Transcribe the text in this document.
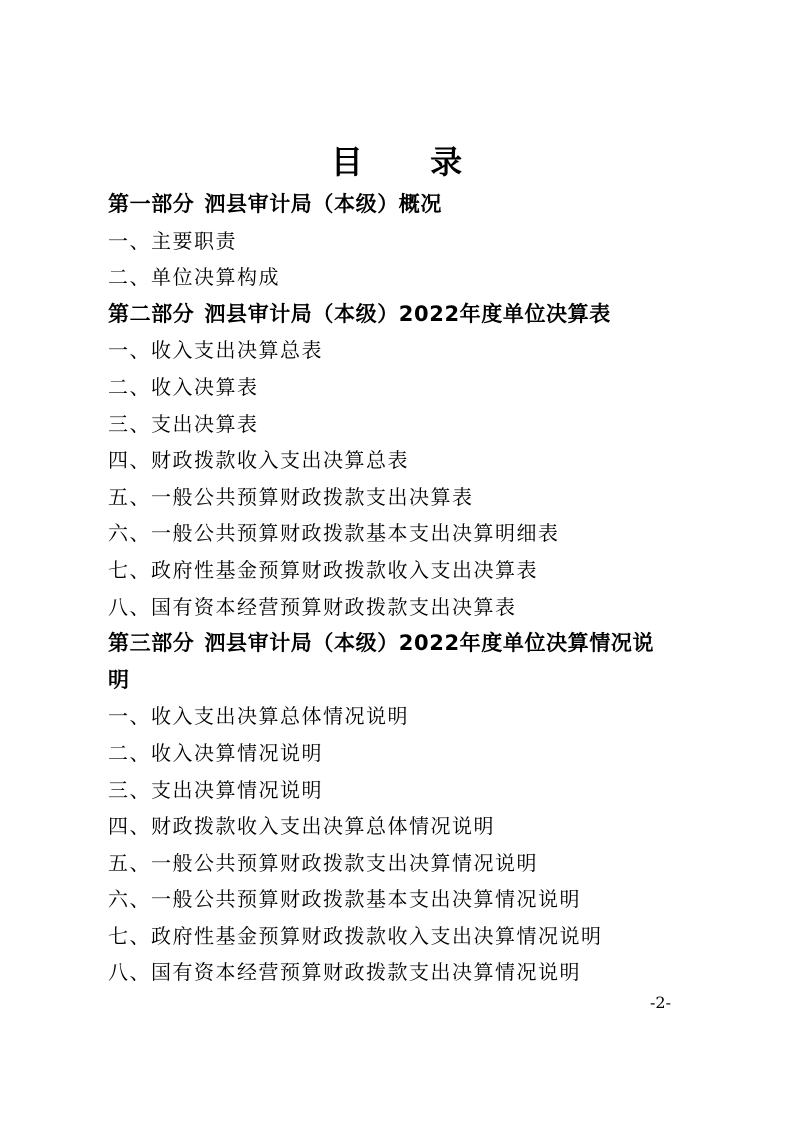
目 录
第一部分 泗县审计局（本级）概况
一、主要职责
二、单位决算构成
第二部分 泗县审计局（本级）2022年度单位决算表
一、收入支出决算总表
二、收入决算表
三、支出决算表
四、财政拨款收入支出决算总表
五、一般公共预算财政拨款支出决算表
六、一般公共预算财政拨款基本支出决算明细表
七、政府性基金预算财政拨款收入支出决算表
八、国有资本经营预算财政拨款支出决算表
第三部分 泗县审计局（本级）2022年度单位决算情况说
明
一、收入支出决算总体情况说明
二、收入决算情况说明
三、支出决算情况说明
四、财政拨款收入支出决算总体情况说明
五、一般公共预算财政拨款支出决算情况说明
六、一般公共预算财政拨款基本支出决算情况说明
七、政府性基金预算财政拨款收入支出决算情况说明
八、国有资本经营预算财政拨款支出决算情况说明
-2-
